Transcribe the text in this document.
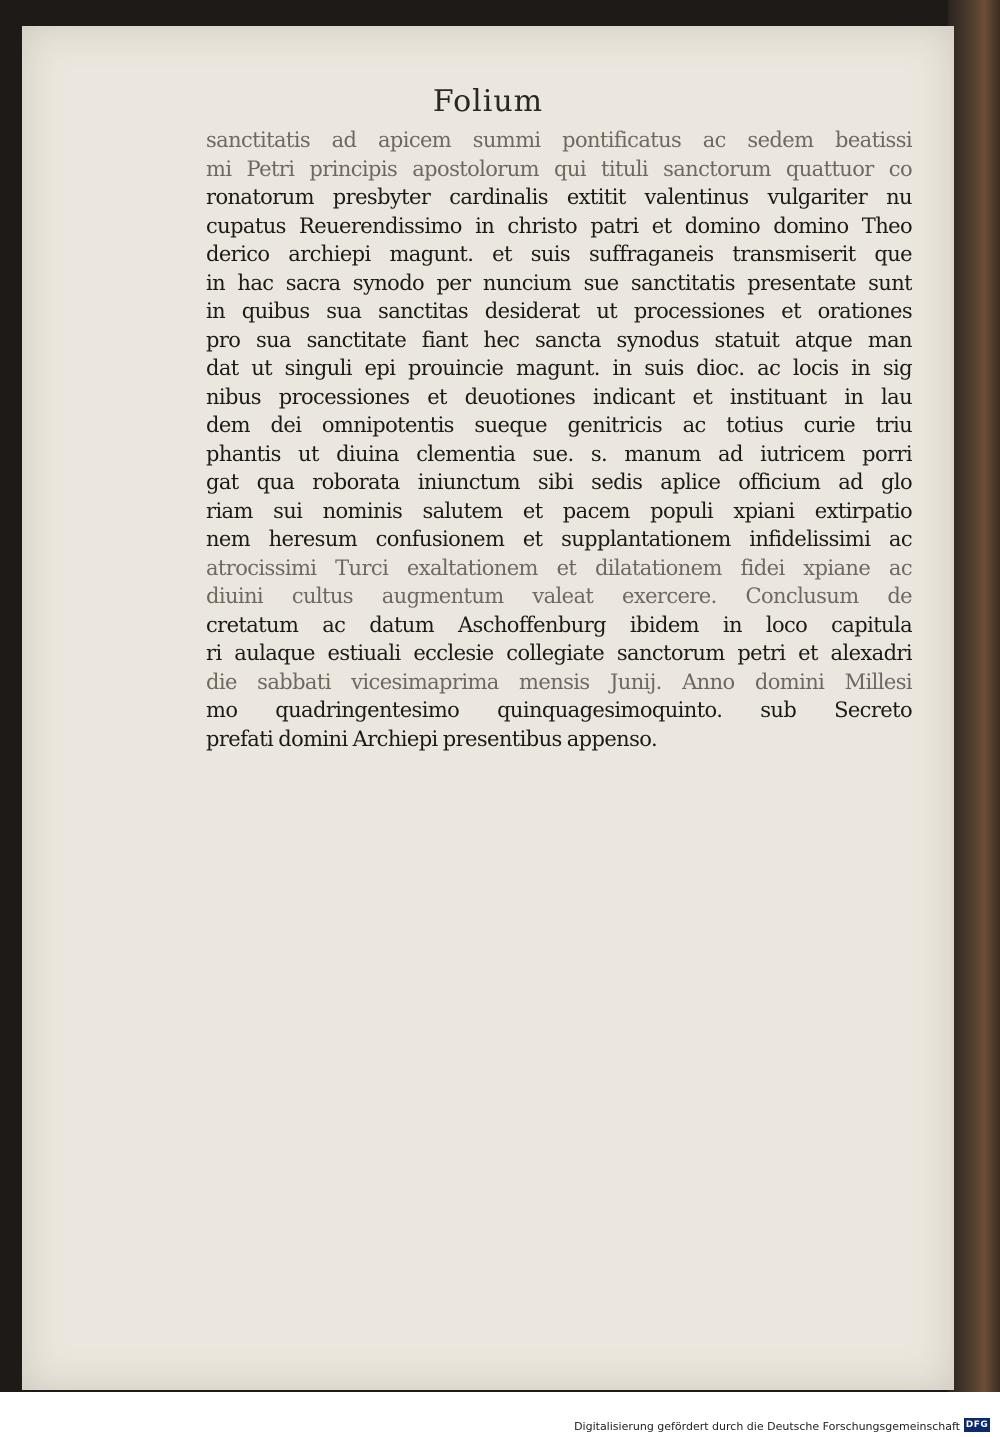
Folium
sanctitatis ad apicem summi pontificatus ac sedem beatissi
mi Petri principis apostolorum qui tituli sanctorum quattuor co
ronatorum presbyter cardinalis extitit valentinus vulgariter nu
cupatus Reuerendissimo in christo patri et domino domino Theo
derico archiepi magunt. et suis suffraganeis transmiserit que
in hac sacra synodo per nuncium sue sanctitatis presentate sunt
in quibus sua sanctitas desiderat ut processiones et orationes
pro sua sanctitate fiant hec sancta synodus statuit atque man
dat ut singuli epi prouincie magunt. in suis dioc. ac locis in sig
nibus processiones et deuotiones indicant et instituant in lau
dem dei omnipotentis sueque genitricis ac totius curie triu
phantis ut diuina clementia sue. s. manum ad iutricem porri
gat qua roborata iniunctum sibi sedis aplice officium ad glo
riam sui nominis salutem et pacem populi xpiani extirpatio
nem heresum confusionem et supplantationem infidelissimi ac
atrocissimi Turci exaltationem et dilatationem fidei xpiane ac
diuini cultus augmentum valeat exercere. Conclusum de
cretatum ac datum Aschoffenburg ibidem in loco capitula
ri aulaque estiuali ecclesie collegiate sanctorum petri et alexadri
die sabbati vicesimaprima mensis Junij. Anno domini Millesi
mo quadringentesimo quinquagesimoquinto. sub Secreto
prefati domini Archiepi presentibus appenso.
Digitalisierung gefördert durch die Deutsche Forschungsgemeinschaft DFG
